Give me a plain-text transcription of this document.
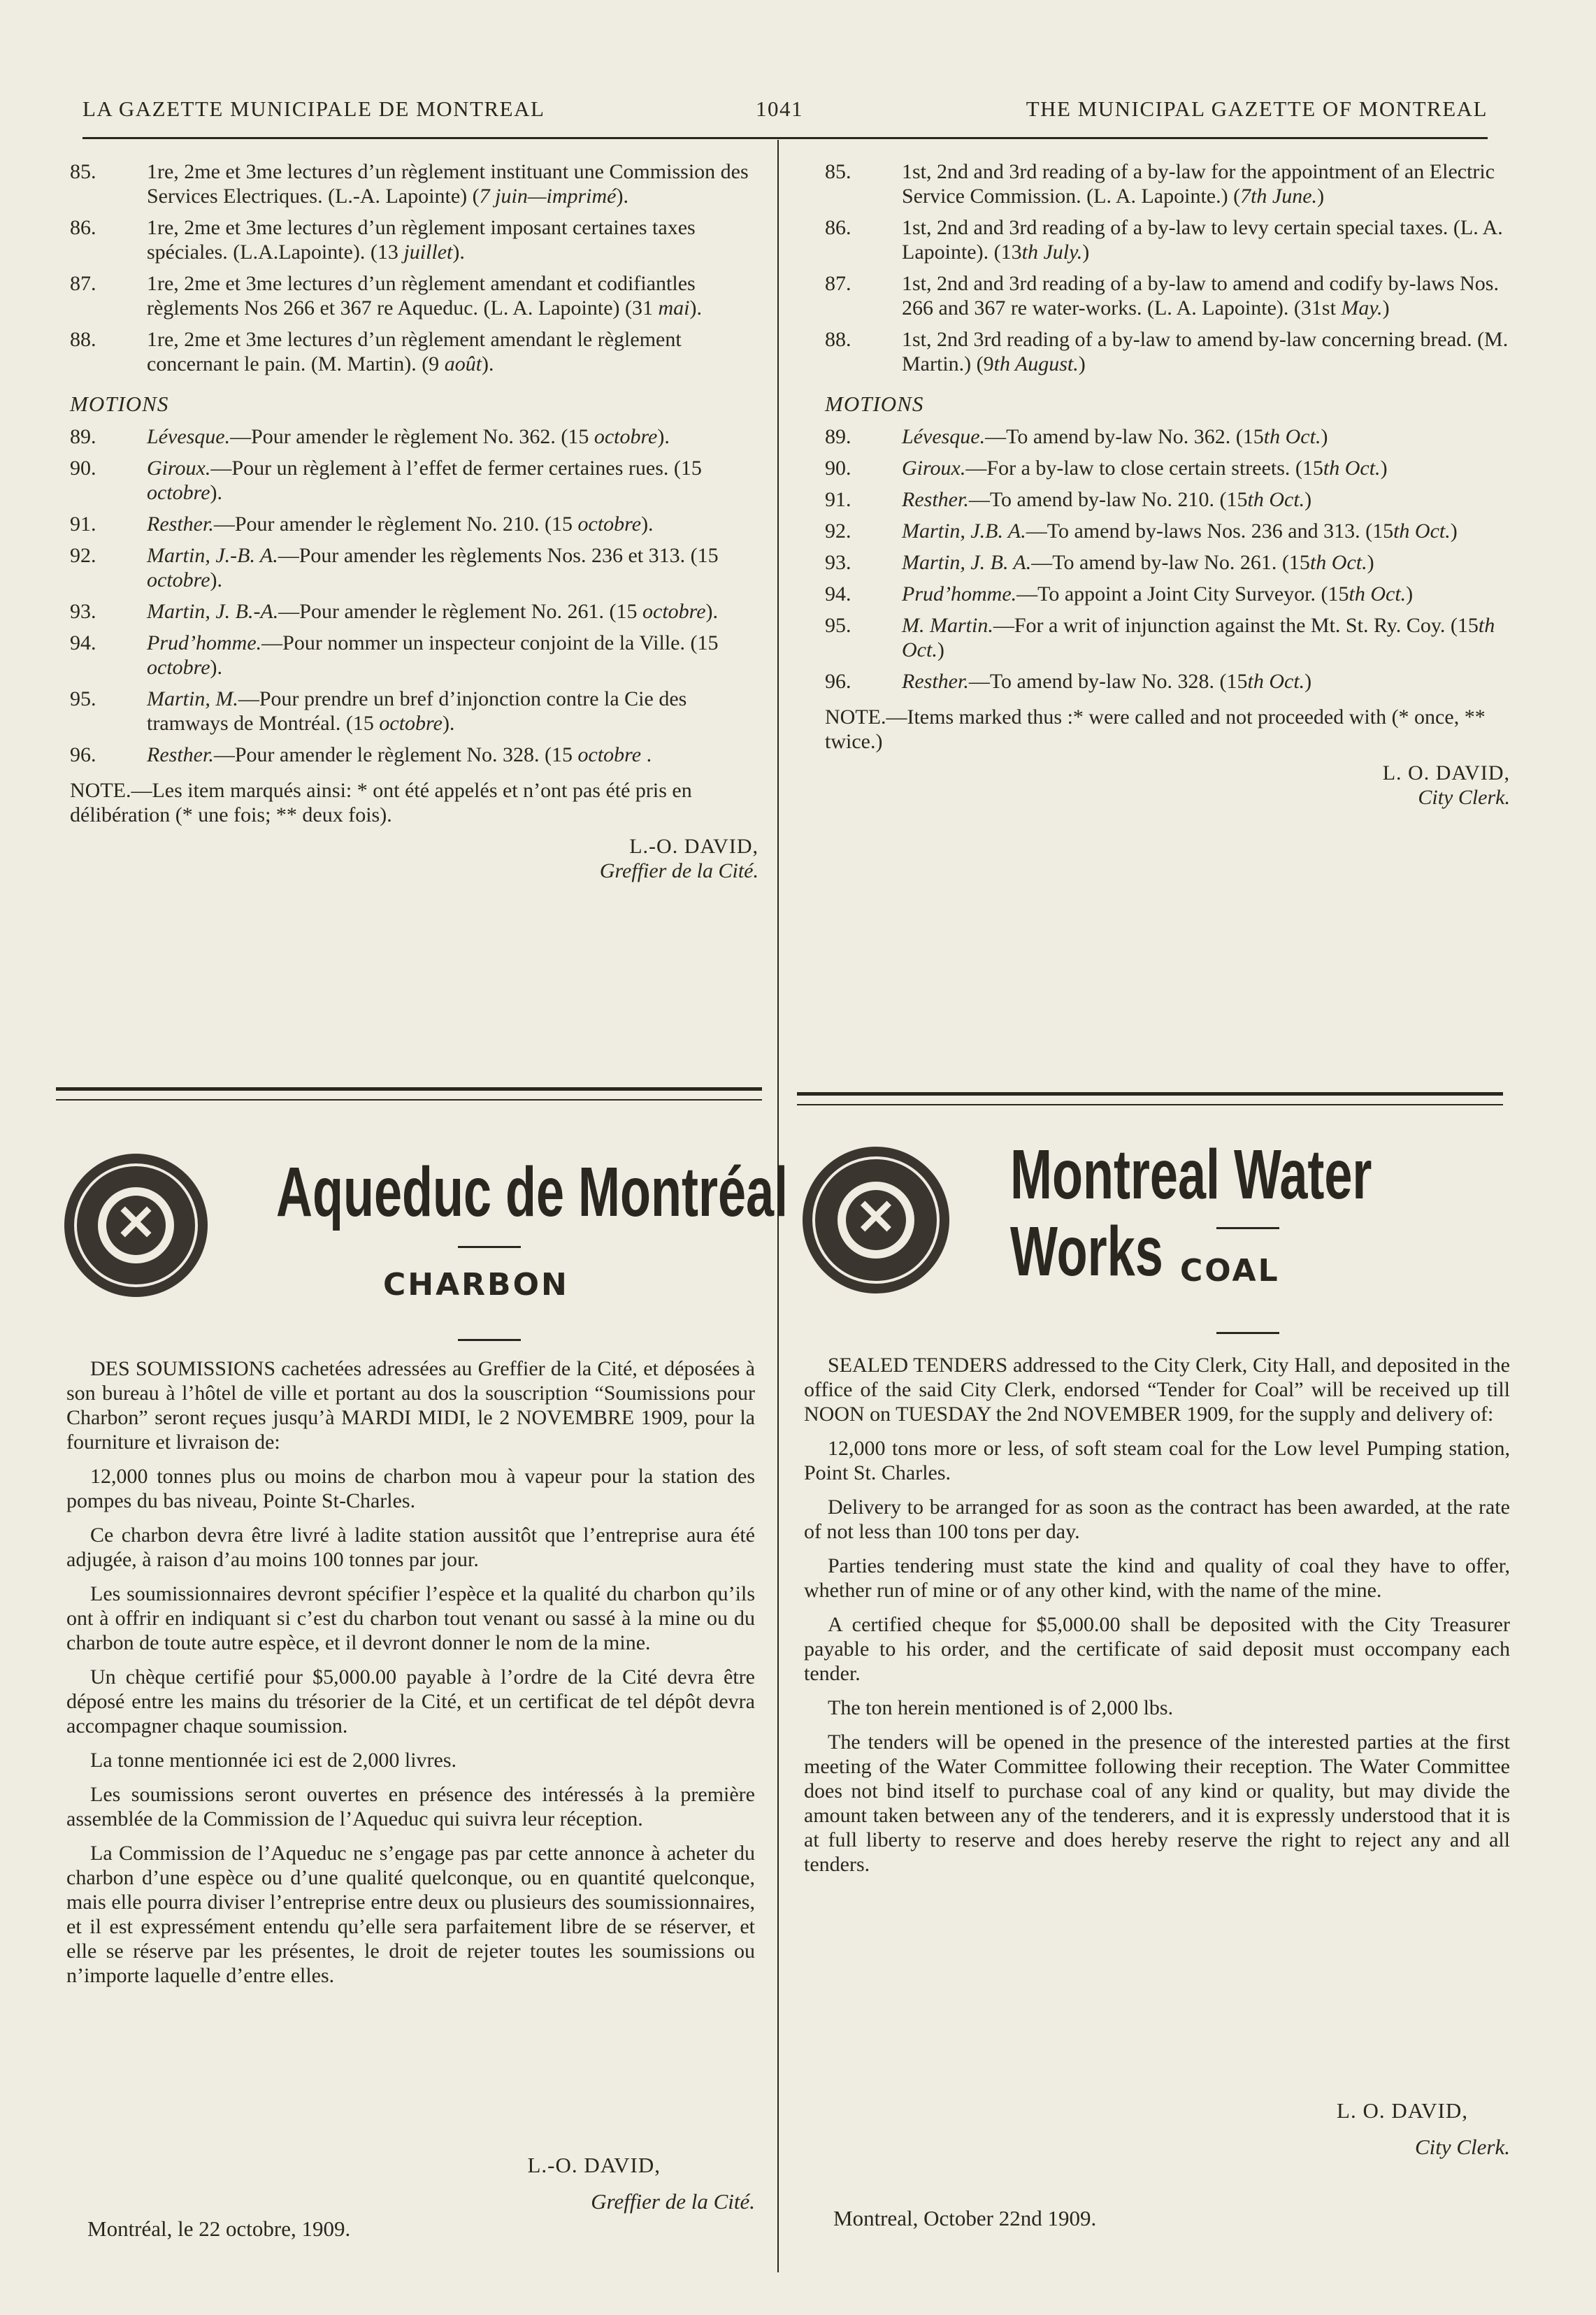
LA GAZETTE MUNICIPALE DE MONTREAL	1041	THE MUNICIPAL GAZETTE OF MONTREAL
85. 1re, 2me et 3me lectures d’un règlement instituant une Commission des Services Electriques. (L.-A. Lapointe) (7 juin—imprimé).
86. 1re, 2me et 3me lectures d’un règlement imposant certaines taxes spéciales. (L.A.Lapointe). (13 juillet).
87. 1re, 2me et 3me lectures d’un règlement amendant et codifiantles règlements Nos 266 et 367 re Aqueduc. (L. A. Lapointe) (31 mai).
88. 1re, 2me et 3me lectures d’un règlement amendant le règlement concernant le pain. (M. Martin). (9 août).
MOTIONS
89. Lévesque.—Pour amender le règlement No. 362. (15 octobre).
90. Giroux.—Pour un règlement à l’effet de fermer certaines rues. (15 octobre).
91. Resther.—Pour amender le règlement No. 210. (15 octobre).
92. Martin, J.-B. A.—Pour amender les règlements Nos. 236 et 313. (15 octobre).
93. Martin, J. B.-A.—Pour amender le règlement No. 261. (15 octobre).
94. Prud’homme.—Pour nommer un inspecteur conjoint de la Ville. (15 octobre).
95. Martin, M.—Pour prendre un bref d’injonction contre la Cie des tramways de Montréal. (15 octobre).
96. Resther.—Pour amender le règlement No. 328. (15 octobre .
NOTE.—Les item marqués ainsi: * ont été appelés et n’ont pas été pris en délibération (* une fois; ** deux fois).
L.-O. DAVID,
Greffier de la Cité.
85. 1st, 2nd and 3rd reading of a by-law for the appointment of an Electric Service Commission. (L. A. Lapointe.) (7th June.)
86. 1st, 2nd and 3rd reading of a by-law to levy certain special taxes. (L. A. Lapointe). (13th July.)
87. 1st, 2nd and 3rd reading of a by-law to amend and codify by-laws Nos. 266 and 367 re water-works. (L. A. Lapointe). (31st May.)
88. 1st, 2nd 3rd reading of a by-law to amend by-law concerning bread. (M. Martin.) (9th August.)
MOTIONS
89. Lévesque.—To amend by-law No. 362. (15th Oct.)
90. Giroux.—For a by-law to close certain streets. (15th Oct.)
91. Resther.—To amend by-law No. 210. (15th Oct.)
92. Martin, J.B. A.—To amend by-laws Nos. 236 and 313. (15th Oct.)
93. Martin, J. B. A.—To amend by-law No. 261. (15th Oct.)
94. Prud’homme.—To appoint a Joint City Surveyor. (15th Oct.)
95. M. Martin.—For a writ of injunction against the Mt. St. Ry. Coy. (15th Oct.)
96. Resther.—To amend by-law No. 328. (15th Oct.)
NOTE.—Items marked thus :* were called and not proceeded with (* once, ** twice.)
L. O. DAVID,
City Clerk.
✕ Aqueduc de Montréal
CHARBON
✕
Montreal Water Works COAL

DES SOUMISSIONS cachetées adressées au Greffier de la Cité, et déposées à son bureau à l’hôtel de ville et portant au dos la souscription “Soumissions pour Charbon” seront reçues jusqu’à MARDI MIDI, le 2 NOVEMBRE 1909, pour la fourniture et livraison de:

12,000 tonnes plus ou moins de charbon mou à vapeur pour la station des pompes du bas niveau, Pointe St-Charles.

Ce charbon devra être livré à ladite station aussitôt que l’entreprise aura été adjugée, à raison d’au moins 100 tonnes par jour.

Les soumissionnaires devront spécifier l’espèce et la qualité du charbon qu’ils ont à offrir en indiquant si c’est du charbon tout venant ou sassé à la mine ou du charbon de toute autre espèce, et il devront donner le nom de la mine.

Un chèque certifié pour $5,000.00 payable à l’ordre de la Cité devra être déposé entre les mains du trésorier de la Cité, et un certificat de tel dépôt devra accompagner chaque soumission.

La tonne mentionnée ici est de 2,000 livres.

Les soumissions seront ouvertes en présence des intéressés à la première assemblée de la Commission de l’Aqueduc qui suivra leur réception.

La Commission de l’Aqueduc ne s’engage pas par cette annonce à acheter du charbon d’une espèce ou d’une qualité quelconque, ou en quantité quelconque, mais elle pourra diviser l’entreprise entre deux ou plusieurs des soumissionnaires, et il est expressément entendu qu’elle sera parfaitement libre de se réserver, et elle se réserve par les présentes, le droit de rejeter toutes les soumissions ou n’importe laquelle d’entre elles.

L.-O. DAVID,
Greffier de la Cité.
Montréal, le 22 octobre, 1909.

SEALED TENDERS addressed to the City Clerk, City Hall, and deposited in the office of the said City Clerk, endorsed “Tender for Coal” will be received up till NOON on TUESDAY the 2nd NOVEMBER 1909, for the supply and delivery of:

12,000 tons more or less, of soft steam coal for the Low level Pumping station, Point St. Charles.

Delivery to be arranged for as soon as the contract has been awarded, at the rate of not less than 100 tons per day.

Parties tendering must state the kind and quality of coal they have to offer, whether run of mine or of any other kind, with the name of the mine.

A certified cheque for $5,000.00 shall be deposited with the City Treasurer payable to his order, and the certificate of said deposit must occompany each tender.

The ton herein mentioned is of 2,000 lbs.

The tenders will be opened in the presence of the interested parties at the first meeting of the Water Committee following their reception. The Water Committee does not bind itself to purchase coal of any kind or quality, but may divide the amount taken between any of the tenderers, and it is expressly understood that it is at full liberty to reserve and does hereby reserve the right to reject any and all tenders.

L. O. DAVID,
City Clerk.
Montreal, October 22nd 1909.
